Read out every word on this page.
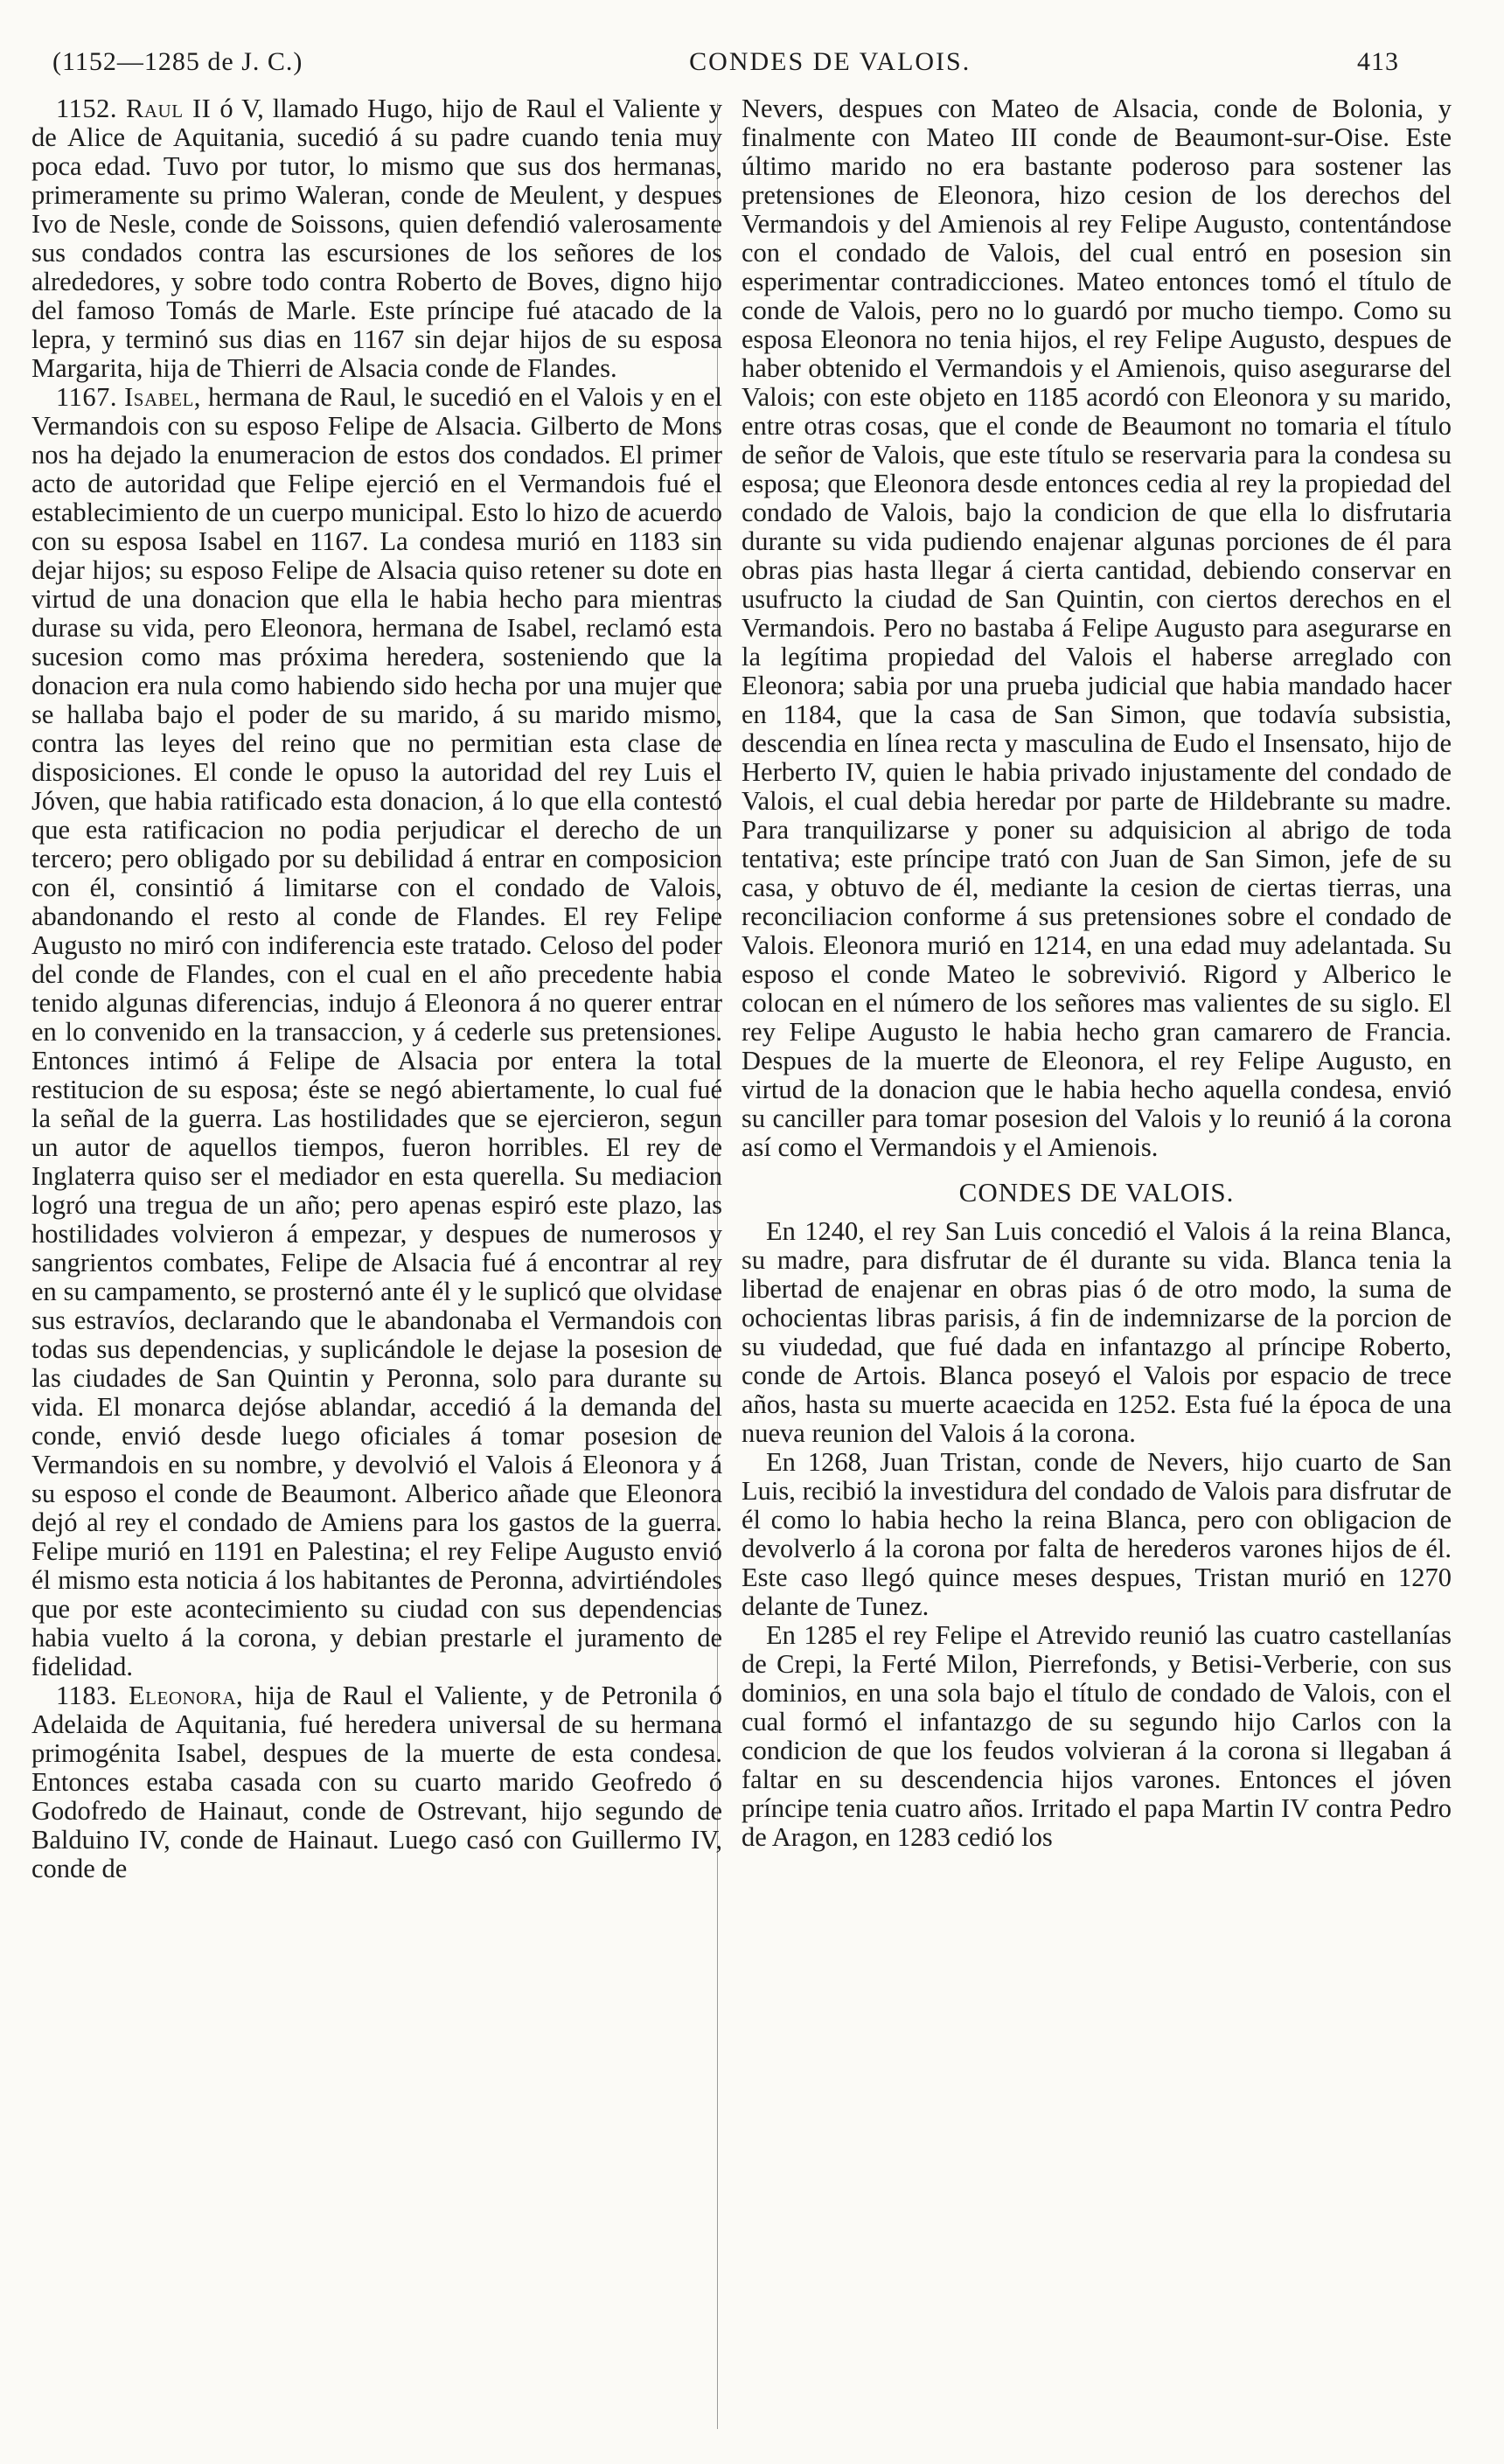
(1152—1285 de J. C.)	CONDES DE VALOIS.	413

1152. Raul II ó V, llamado Hugo, hijo de Raul el Valiente y de Alice de Aquitania, sucedió á su padre cuando tenia muy poca edad. Tuvo por tutor, lo mismo que sus dos hermanas, primeramente su primo Waleran, conde de Meulent, y despues Ivo de Nesle, conde de Soissons, quien defendió valerosamente sus condados contra las escursiones de los señores de los alrededores, y sobre todo contra Roberto de Boves, digno hijo del famoso Tomás de Marle. Este príncipe fué atacado de la lepra, y terminó sus dias en 1167 sin dejar hijos de su esposa Margarita, hija de Thierri de Alsacia conde de Flandes.

1167. Isabel, hermana de Raul, le sucedió en el Valois y en el Vermandois con su esposo Felipe de Alsacia. Gilberto de Mons nos ha dejado la enumeracion de estos dos condados. El primer acto de autoridad que Felipe ejerció en el Vermandois fué el establecimiento de un cuerpo municipal. Esto lo hizo de acuerdo con su esposa Isabel en 1167. La condesa murió en 1183 sin dejar hijos; su esposo Felipe de Alsacia quiso retener su dote en virtud de una donacion que ella le habia hecho para mientras durase su vida, pero Eleonora, hermana de Isabel, reclamó esta sucesion como mas próxima heredera, sosteniendo que la donacion era nula como habiendo sido hecha por una mujer que se hallaba bajo el poder de su marido, á su marido mismo, contra las leyes del reino que no permitian esta clase de disposiciones. El conde le opuso la autoridad del rey Luis el Jóven, que habia ratificado esta donacion, á lo que ella contestó que esta ratificacion no podia perjudicar el derecho de un tercero; pero obligado por su debilidad á entrar en composicion con él, consintió á limitarse con el condado de Valois, abandonando el resto al conde de Flandes. El rey Felipe Augusto no miró con indiferencia este tratado. Celoso del poder del conde de Flandes, con el cual en el año precedente habia tenido algunas diferencias, indujo á Eleonora á no querer entrar en lo convenido en la transaccion, y á cederle sus pretensiones. Entonces intimó á Felipe de Alsacia por entera la total restitucion de su esposa; éste se negó abiertamente, lo cual fué la señal de la guerra. Las hostilidades que se ejercieron, segun un autor de aquellos tiempos, fueron horribles. El rey de Inglaterra quiso ser el mediador en esta querella. Su mediacion logró una tregua de un año; pero apenas espiró este plazo, las hostilidades volvieron á empezar, y despues de numerosos y sangrientos combates, Felipe de Alsacia fué á encontrar al rey en su campamento, se prosternó ante él y le suplicó que olvidase sus estravíos, declarando que le abandonaba el Vermandois con todas sus dependencias, y suplicándole le dejase la posesion de las ciudades de San Quintin y Peronna, solo para durante su vida. El monarca dejóse ablandar, accedió á la demanda del conde, envió desde luego oficiales á tomar posesion de Vermandois en su nombre, y devolvió el Valois á Eleonora y á su esposo el conde de Beaumont. Alberico añade que Eleonora dejó al rey el condado de Amiens para los gastos de la guerra. Felipe murió en 1191 en Palestina; el rey Felipe Augusto envió él mismo esta noticia á los habitantes de Peronna, advirtiéndoles que por este acontecimiento su ciudad con sus dependencias habia vuelto á la corona, y debian prestarle el juramento de fidelidad.

1183. Eleonora, hija de Raul el Valiente, y de Petronila ó Adelaida de Aquitania, fué heredera universal de su hermana primogénita Isabel, despues de la muerte de esta condesa. Entonces estaba casada con su cuarto marido Geofredo ó Godofredo de Hainaut, conde de Ostrevant, hijo segundo de Balduino IV, conde de Hainaut. Luego casó con Guillermo IV, conde de

Nevers, despues con Mateo de Alsacia, conde de Bolonia, y finalmente con Mateo III conde de Beaumont-sur-Oise. Este último marido no era bastante poderoso para sostener las pretensiones de Eleonora, hizo cesion de los derechos del Vermandois y del Amienois al rey Felipe Augusto, contentándose con el condado de Valois, del cual entró en posesion sin esperimentar contradicciones. Mateo entonces tomó el título de conde de Valois, pero no lo guardó por mucho tiempo. Como su esposa Eleonora no tenia hijos, el rey Felipe Augusto, despues de haber obtenido el Vermandois y el Amienois, quiso asegurarse del Valois; con este objeto en 1185 acordó con Eleonora y su marido, entre otras cosas, que el conde de Beaumont no tomaria el título de señor de Valois, que este título se reservaria para la condesa su esposa; que Eleonora desde entonces cedia al rey la propiedad del condado de Valois, bajo la condicion de que ella lo disfrutaria durante su vida pudiendo enajenar algunas porciones de él para obras pias hasta llegar á cierta cantidad, debiendo conservar en usufructo la ciudad de San Quintin, con ciertos derechos en el Vermandois. Pero no bastaba á Felipe Augusto para asegurarse en la legítima propiedad del Valois el haberse arreglado con Eleonora; sabia por una prueba judicial que habia mandado hacer en 1184, que la casa de San Simon, que todavía subsistia, descendia en línea recta y masculina de Eudo el Insensato, hijo de Herberto IV, quien le habia privado injustamente del condado de Valois, el cual debia heredar por parte de Hildebrante su madre. Para tranquilizarse y poner su adquisicion al abrigo de toda tentativa; este príncipe trató con Juan de San Simon, jefe de su casa, y obtuvo de él, mediante la cesion de ciertas tierras, una reconciliacion conforme á sus pretensiones sobre el condado de Valois. Eleonora murió en 1214, en una edad muy adelantada. Su esposo el conde Mateo le sobrevivió. Rigord y Alberico le colocan en el número de los señores mas valientes de su siglo. El rey Felipe Augusto le habia hecho gran camarero de Francia. Despues de la muerte de Eleonora, el rey Felipe Augusto, en virtud de la donacion que le habia hecho aquella condesa, envió su canciller para tomar posesion del Valois y lo reunió á la corona así como el Vermandois y el Amienois.

CONDES DE VALOIS.

En 1240, el rey San Luis concedió el Valois á la reina Blanca, su madre, para disfrutar de él durante su vida. Blanca tenia la libertad de enajenar en obras pias ó de otro modo, la suma de ochocientas libras parisis, á fin de indemnizarse de la porcion de su viudedad, que fué dada en infantazgo al príncipe Roberto, conde de Artois. Blanca poseyó el Valois por espacio de trece años, hasta su muerte acaecida en 1252. Esta fué la época de una nueva reunion del Valois á la corona.

En 1268, Juan Tristan, conde de Nevers, hijo cuarto de San Luis, recibió la investidura del condado de Valois para disfrutar de él como lo habia hecho la reina Blanca, pero con obligacion de devolverlo á la corona por falta de herederos varones hijos de él. Este caso llegó quince meses despues, Tristan murió en 1270 delante de Tunez.

En 1285 el rey Felipe el Atrevido reunió las cuatro castellanías de Crepi, la Ferté Milon, Pierrefonds, y Betisi-Verberie, con sus dominios, en una sola bajo el título de condado de Valois, con el cual formó el infantazgo de su segundo hijo Carlos con la condicion de que los feudos volvieran á la corona si llegaban á faltar en su descendencia hijos varones. Entonces el jóven príncipe tenia cuatro años. Irritado el papa Martin IV contra Pedro de Aragon, en 1283 cedió los
